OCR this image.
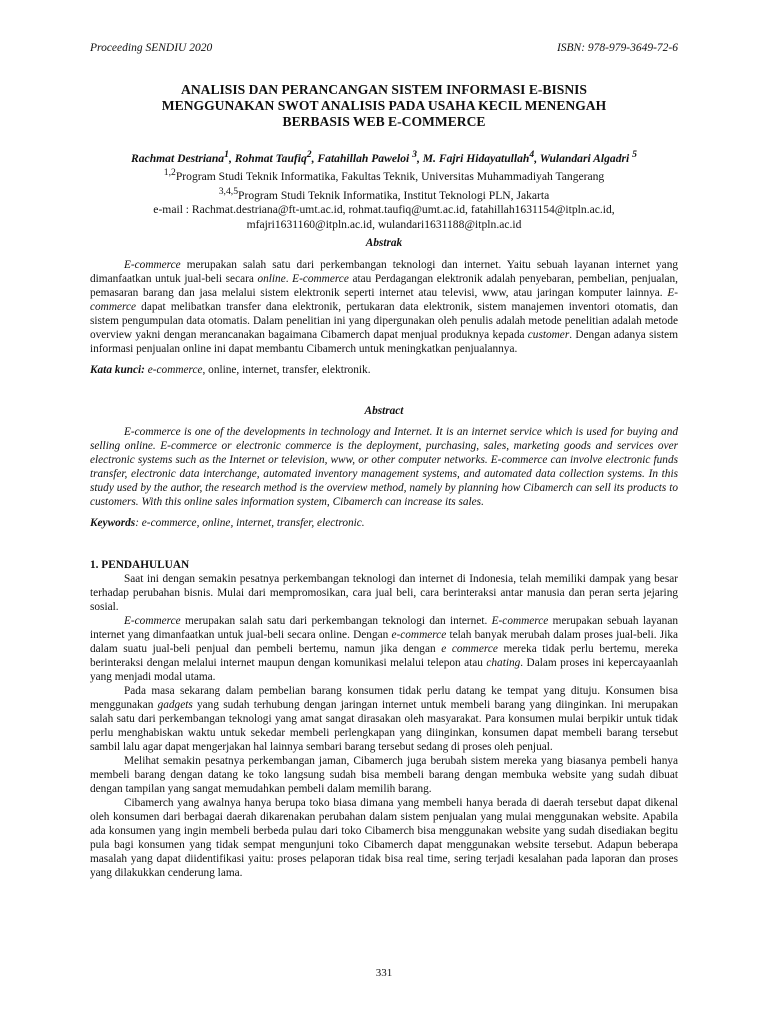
Proceeding SENDIU 2020	ISBN: 978-979-3649-72-6
ANALISIS DAN PERANCANGAN SISTEM INFORMASI E-BISNIS
MENGGUNAKAN SWOT ANALISIS PADA USAHA KECIL MENENGAH
BERBASIS WEB E-COMMERCE
Rachmat Destriana$^1$, Rohmat Taufiq$^2$, Fatahillah Paweloi $^3$, M. Fajri Hidayatullah$^4$, Wulandari Algadri $^5$
$^{1,2}$Program Studi Teknik Informatika, Fakultas Teknik, Universitas Muhammadiyah Tangerang
$^{3,4,5}$Program Studi Teknik Informatika, Institut Teknologi PLN, Jakarta
e-mail : Rachmat.destriana@ft-umt.ac.id, rohmat.taufiq@umt.ac.id, fatahillah1631154@itpln.ac.id,
mfajri1631160@itpln.ac.id, wulandari1631188@itpln.ac.id

Abstrak

E-commerce merupakan salah satu dari perkembangan teknologi dan internet. Yaitu sebuah layanan internet yang dimanfaatkan untuk jual-beli secara online. E-commerce atau Perdagangan elektronik adalah penyebaran, pembelian, penjualan, pemasaran barang dan jasa melalui sistem elektronik seperti internet atau televisi, www, atau jaringan komputer lainnya. E-commerce dapat melibatkan transfer dana elektronik, pertukaran data elektronik, sistem manajemen inventori otomatis, dan sistem pengumpulan data otomatis. Dalam penelitian ini yang dipergunakan oleh penulis adalah metode penelitian adalah metode overview yakni dengan merancanakan bagaimana Cibamerch dapat menjual produknya kepada customer. Dengan adanya sistem informasi penjualan online ini dapat membantu Cibamerch untuk meningkatkan penjualannya.

Kata kunci: e-commerce, online, internet, transfer, elektronik.

Abstract

E-commerce is one of the developments in technology and Internet. It is an internet service which is used for buying and selling online. E-commerce or electronic commerce is the deployment, purchasing, sales, marketing goods and services over electronic systems such as the Internet or television, www, or other computer networks. E-commerce can involve electronic funds transfer, electronic data interchange, automated inventory management systems, and automated data collection systems. In this study used by the author, the research method is the overview method, namely by planning how Cibamerch can sell its products to customers. With this online sales information system, Cibamerch can increase its sales.

Keywords: e-commerce, online, internet, transfer, electronic.

1. PENDAHULUAN

Saat ini dengan semakin pesatnya perkembangan teknologi dan internet di Indonesia, telah memiliki dampak yang besar terhadap perubahan bisnis. Mulai dari mempromosikan, cara jual beli, cara berinteraksi antar manusia dan peran serta jejaring sosial.

E-commerce merupakan salah satu dari perkembangan teknologi dan internet. E-commerce merupakan sebuah layanan internet yang dimanfaatkan untuk jual-beli secara online. Dengan e-commerce telah banyak merubah dalam proses jual-beli. Jika dalam suatu jual-beli penjual dan pembeli bertemu, namun jika dengan e commerce mereka tidak perlu bertemu, mereka berinteraksi dengan melalui internet maupun dengan komunikasi melalui telepon atau chating. Dalam proses ini kepercayaanlah yang menjadi modal utama.

Pada masa sekarang dalam pembelian barang konsumen tidak perlu datang ke tempat yang dituju. Konsumen bisa menggunakan gadgets yang sudah terhubung dengan jaringan internet untuk membeli barang yang diinginkan. Ini merupakan salah satu dari perkembangan teknologi yang amat sangat dirasakan oleh masyarakat. Para konsumen mulai berpikir untuk tidak perlu menghabiskan waktu untuk sekedar membeli perlengkapan yang diinginkan, konsumen dapat membeli barang tersebut sambil lalu agar dapat mengerjakan hal lainnya sembari barang tersebut sedang di proses oleh penjual.

Melihat semakin pesatnya perkembangan jaman, Cibamerch juga berubah sistem mereka yang biasanya pembeli hanya membeli barang dengan datang ke toko langsung sudah bisa membeli barang dengan membuka website yang sudah dibuat dengan tampilan yang sangat memudahkan pembeli dalam memilih barang.

Cibamerch yang awalnya hanya berupa toko biasa dimana yang membeli hanya berada di daerah tersebut dapat dikenal oleh konsumen dari berbagai daerah dikarenakan perubahan dalam sistem penjualan yang mulai menggunakan website. Apabila ada konsumen yang ingin membeli berbeda pulau dari toko Cibamerch bisa menggunakan website yang sudah disediakan begitu pula bagi konsumen yang tidak sempat mengunjuni toko Cibamerch dapat menggunakan website tersebut. Adapun beberapa masalah yang dapat diidentifikasi yaitu: proses pelaporan tidak bisa real time, sering terjadi kesalahan pada laporan dan proses yang dilakukkan cenderung lama.

331
